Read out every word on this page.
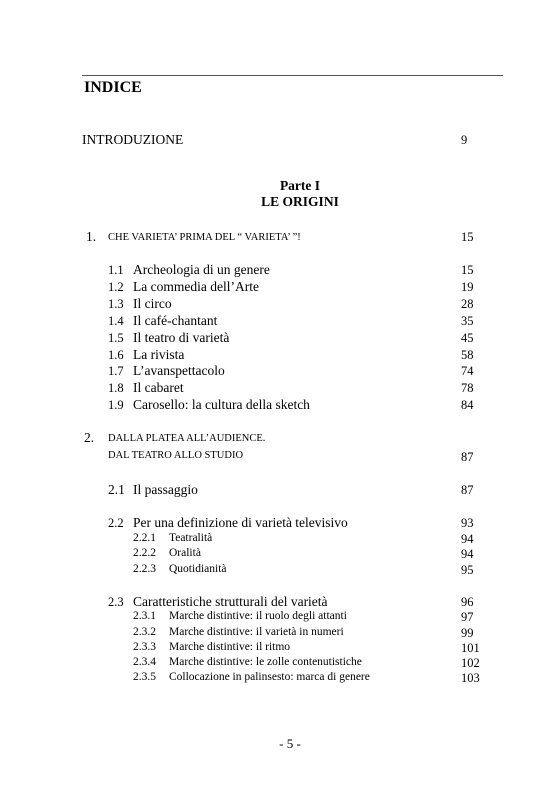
INDICE
INTRODUZIONE	9
Parte I
LE ORIGINI
1. CHE VARIETA’ PRIMA DEL “ VARIETA’ ”!	15
1.1 Archeologia di un genere	15
1.2 La commedia dell’Arte	19
1.3 Il circo	28
1.4 Il café-chantant	35
1.5 Il teatro di varietà	45
1.6 La rivista	58
1.7 L’avanspettacolo	74
1.8 Il cabaret	78
1.9 Carosello: la cultura della sketch	84
2. DALLA PLATEA ALL’AUDIENCE.
DAL TEATRO ALLO STUDIO	87
2.1 Il passaggio	87
2.2 Per una definizione di varietà televisivo	93
2.2.1 Teatralità	94
2.2.2 Oralità	94
2.2.3 Quotidianità	95
2.3 Caratteristiche strutturali del varietà	96
2.3.1 Marche distintive: il ruolo degli attanti	97
2.3.2 Marche distintive: il varietà in numeri	99
2.3.3 Marche distintive: il ritmo	101
2.3.4 Marche distintive: le zolle contenutistiche	102
2.3.5 Collocazione in palinsesto: marca di genere	103
- 5 -
